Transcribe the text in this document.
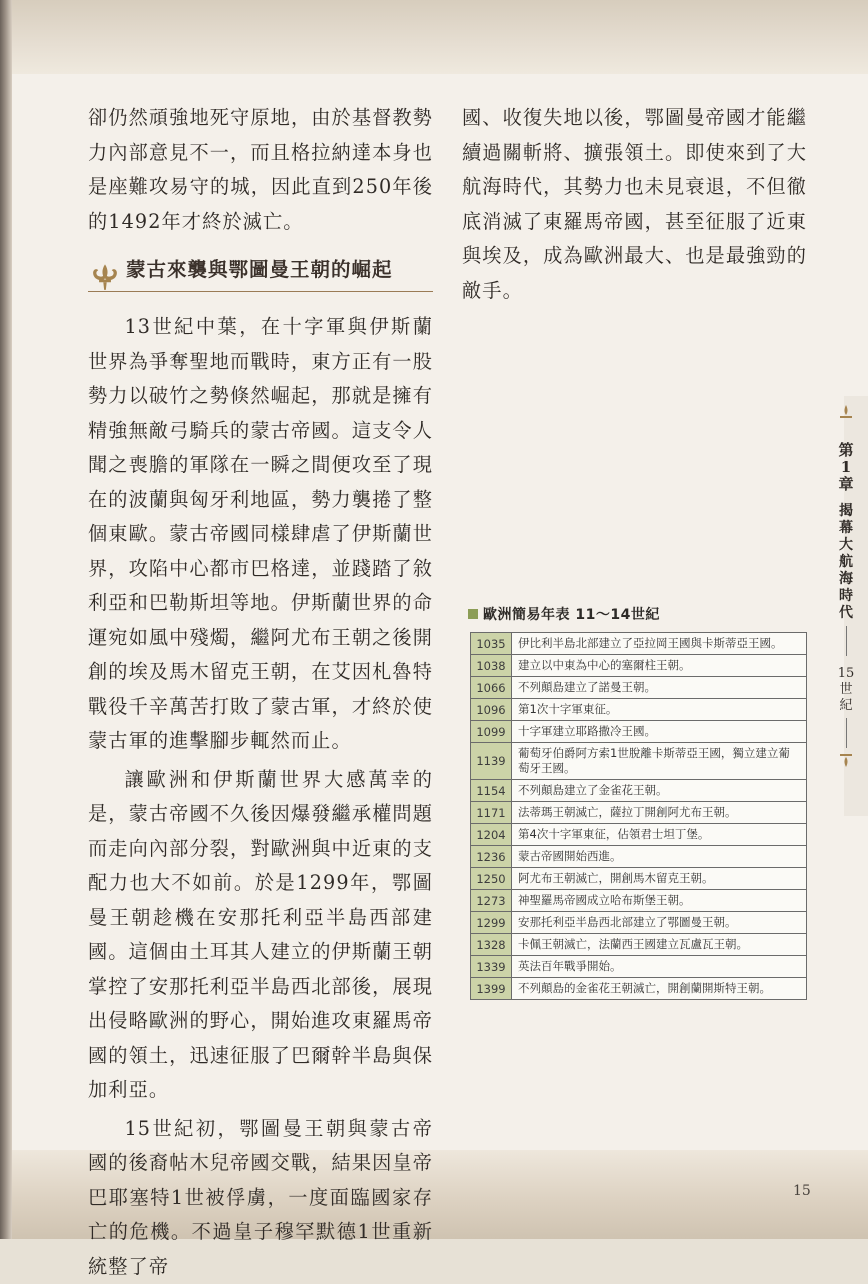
卻仍然頑強地死守原地，由於基督教勢力內部意見不一，而且格拉納達本身也是座難攻易守的城，因此直到250年後的1492年才終於滅亡。

蒙古來襲與鄂圖曼王朝的崛起

13世紀中葉，在十字軍與伊斯蘭世界為爭奪聖地而戰時，東方正有一股勢力以破竹之勢倏然崛起，那就是擁有精強無敵弓騎兵的蒙古帝國。這支令人聞之喪膽的軍隊在一瞬之間便攻至了現在的波蘭與匈牙利地區，勢力襲捲了整個東歐。蒙古帝國同樣肆虐了伊斯蘭世界，攻陷中心都市巴格達，並踐踏了敘利亞和巴勒斯坦等地。伊斯蘭世界的命運宛如風中殘燭，繼阿尤布王朝之後開創的埃及馬木留克王朝，在艾因札魯特戰役千辛萬苦打敗了蒙古軍，才終於使蒙古軍的進擊腳步輒然而止。

讓歐洲和伊斯蘭世界大感萬幸的是，蒙古帝國不久後因爆發繼承權問題而走向內部分裂，對歐洲與中近東的支配力也大不如前。於是1299年，鄂圖曼王朝趁機在安那托利亞半島西部建國。這個由土耳其人建立的伊斯蘭王朝掌控了安那托利亞半島西北部後，展現出侵略歐洲的野心，開始進攻東羅馬帝國的領土，迅速征服了巴爾幹半島與保加利亞。

15世紀初，鄂圖曼王朝與蒙古帝國的後裔帖木兒帝國交戰，結果因皇帝巴耶塞特1世被俘虜，一度面臨國家存亡的危機。不過皇子穆罕默德1世重新統整了帝

國、收復失地以後，鄂圖曼帝國才能繼續過關斬將、擴張領土。即使來到了大航海時代，其勢力也未見衰退，不但徹底消滅了東羅馬帝國，甚至征服了近東與埃及，成為歐洲最大、也是最強勁的敵手。

第
1
章
揭
幕
大
航
海
時
代
15
世
紀
歐洲簡易年表 11～14世紀
1035	伊比利半島北部建立了亞拉岡王國與卡斯蒂亞王國。
1038	建立以中東為中心的塞爾柱王朝。
1066	不列顛島建立了諾曼王朝。
1096	第1次十字軍東征。
1099	十字軍建立耶路撒冷王國。
1139	葡萄牙伯爵阿方索1世脫離卡斯蒂亞王國，獨立建立葡萄牙王國。
1154	不列顛島建立了金雀花王朝。
1171	法蒂瑪王朝滅亡，薩拉丁開創阿尤布王朝。
1204	第4次十字軍東征，佔領君士坦丁堡。
1236	蒙古帝國開始西進。
1250	阿尤布王朝滅亡，開創馬木留克王朝。
1273	神聖羅馬帝國成立哈布斯堡王朝。
1299	安那托利亞半島西北部建立了鄂圖曼王朝。
1328	卡佩王朝滅亡，法蘭西王國建立瓦盧瓦王朝。
1339	英法百年戰爭開始。
1399	不列顛島的金雀花王朝滅亡，開創蘭開斯特王朝。
15
